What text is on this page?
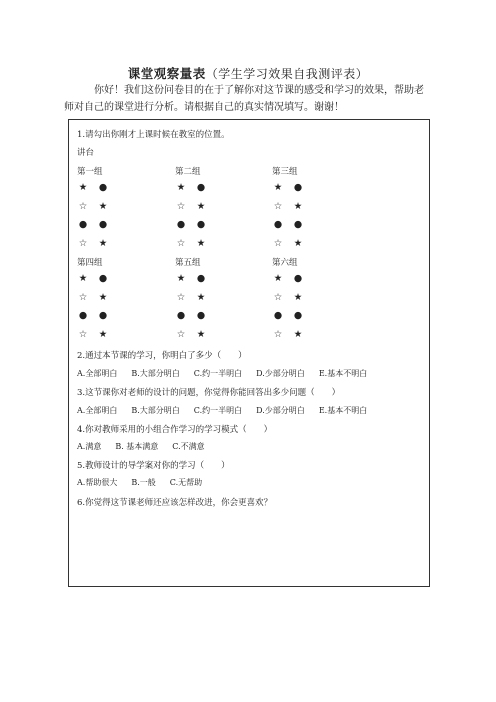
课堂观察量表（学生学习效果自我测评表）
你好！我们这份问卷目的在于了解你对这节课的感受和学习的效果，帮助老师对自己的课堂进行分析。请根据自己的真实情况填写。谢谢！
1.请勾出你刚才上课时候在教室的位置。
讲台
第一组	第二组	第三组
★ ●	★ ●	★ ●
☆ ★	☆ ★	☆ ★
● ●	● ●	● ●
☆ ★	☆ ★	☆ ★
第四组	第五组	第六组
★ ●	★ ●	★ ●
☆ ★	☆ ★	☆ ★
● ●	● ●	● ●
☆ ★	☆ ★	☆ ★
2.通过本节课的学习，你明白了多少（　　）
A.全部明白 B.大部分明白 C.约一半明白 D.少部分明白 E.基本不明白
3.这节课你对老师的设计的问题，你觉得你能回答出多少问题（　　）
A.全部明白 B.大部分明白 C.约一半明白 D.少部分明白 E.基本不明白
4.你对教师采用的小组合作学习的学习模式（　　）
A.满意 B. 基本满意 C.不满意
5.教师设计的导学案对你的学习（　　）
A.帮助很大 B.一般 C.无帮助
6.你觉得这节课老师还应该怎样改进，你会更喜欢？
